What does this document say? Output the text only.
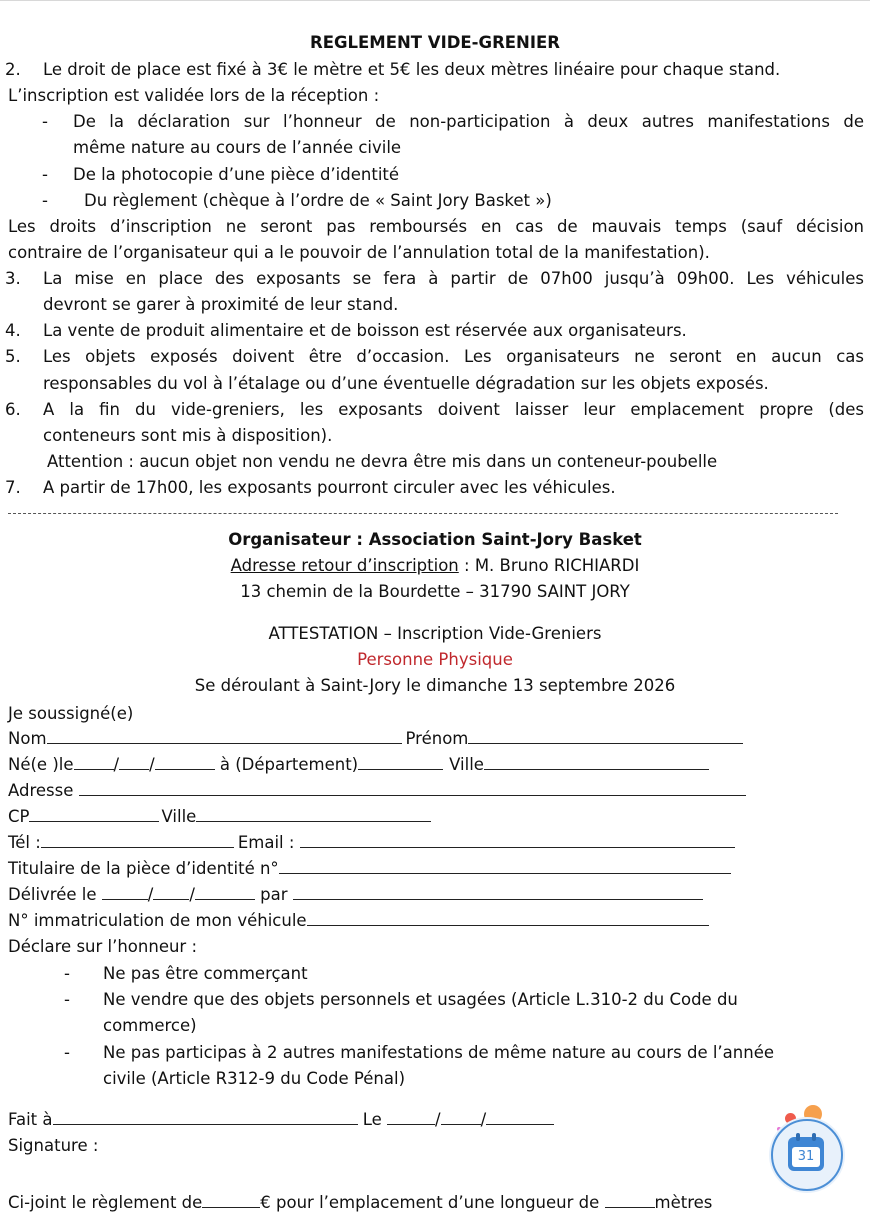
REGLEMENT VIDE-GRENIER
2. Le droit de place est fixé à 3€ le mètre et 5€ les deux mètres linéaire pour chaque stand.
L’inscription est validée lors de la réception :
- De la déclaration sur l’honneur de non-participation à deux autres manifestations de
même nature au cours de l’année civile
- De la photocopie d’une pièce d’identité
- Du règlement (chèque à l’ordre de « Saint Jory Basket »)
Les droits d’inscription ne seront pas remboursés en cas de mauvais temps (sauf décision
contraire de l’organisateur qui a le pouvoir de l’annulation total de la manifestation).
3. La mise en place des exposants se fera à partir de 07h00 jusqu’à 09h00. Les véhicules
devront se garer à proximité de leur stand.
4. La vente de produit alimentaire et de boisson est réservée aux organisateurs.
5. Les objets exposés doivent être d’occasion. Les organisateurs ne seront en aucun cas
responsables du vol à l’étalage ou d’une éventuelle dégradation sur les objets exposés.
6. A la fin du vide-greniers, les exposants doivent laisser leur emplacement propre (des
conteneurs sont mis à disposition).
Attention : aucun objet non vendu ne devra être mis dans un conteneur-poubelle
7. A partir de 17h00, les exposants pourront circuler avec les véhicules.
Organisateur : Association Saint-Jory Basket
Adresse retour d’inscription : M. Bruno RICHIARDI
13 chemin de la Bourdette – 31790 SAINT JORY
ATTESTATION – Inscription Vide-Greniers
Personne Physique
Se déroulant à Saint-Jory le dimanche 13 septembre 2026
Je soussigné(e)
Nom	Prénom
Né(e )le / /	à (Département)	Ville
Adresse
CP	Ville
Tél :	Email :
Titulaire de la pièce d’identité n°
Délivrée le	/ /	par
N° immatriculation de mon véhicule
Déclare sur l’honneur :
- Ne pas être commerçant
- Ne vendre que des objets personnels et usagées (Article L.310-2 du Code du
commerce)
- Ne pas participas à 2 autres manifestations de même nature au cours de l’année
civile (Article R312-9 du Code Pénal)
Fait à	Le	/ /
Signature :
Ci-joint le règlement de	€ pour l’emplacement d’une longueur de	mètres
31
